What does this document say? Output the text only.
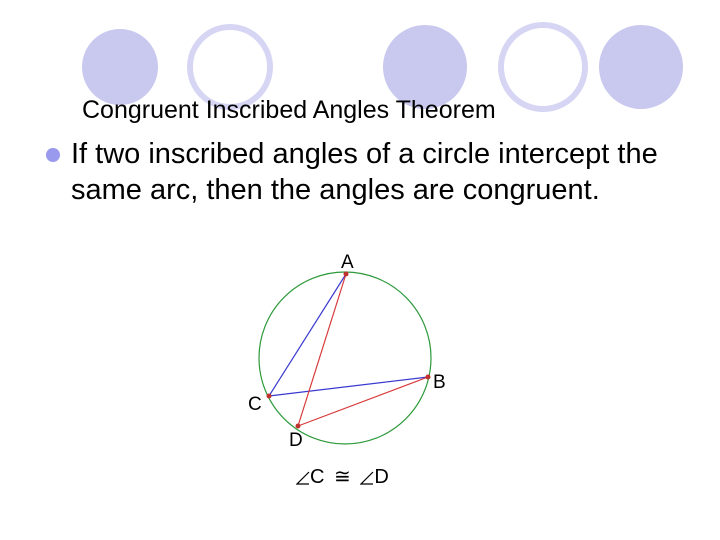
Congruent Inscribed Angles Theorem
If two inscribed angles of a circle intercept the same arc, then the angles are congruent.
A
B
C
D
C ≅ D
